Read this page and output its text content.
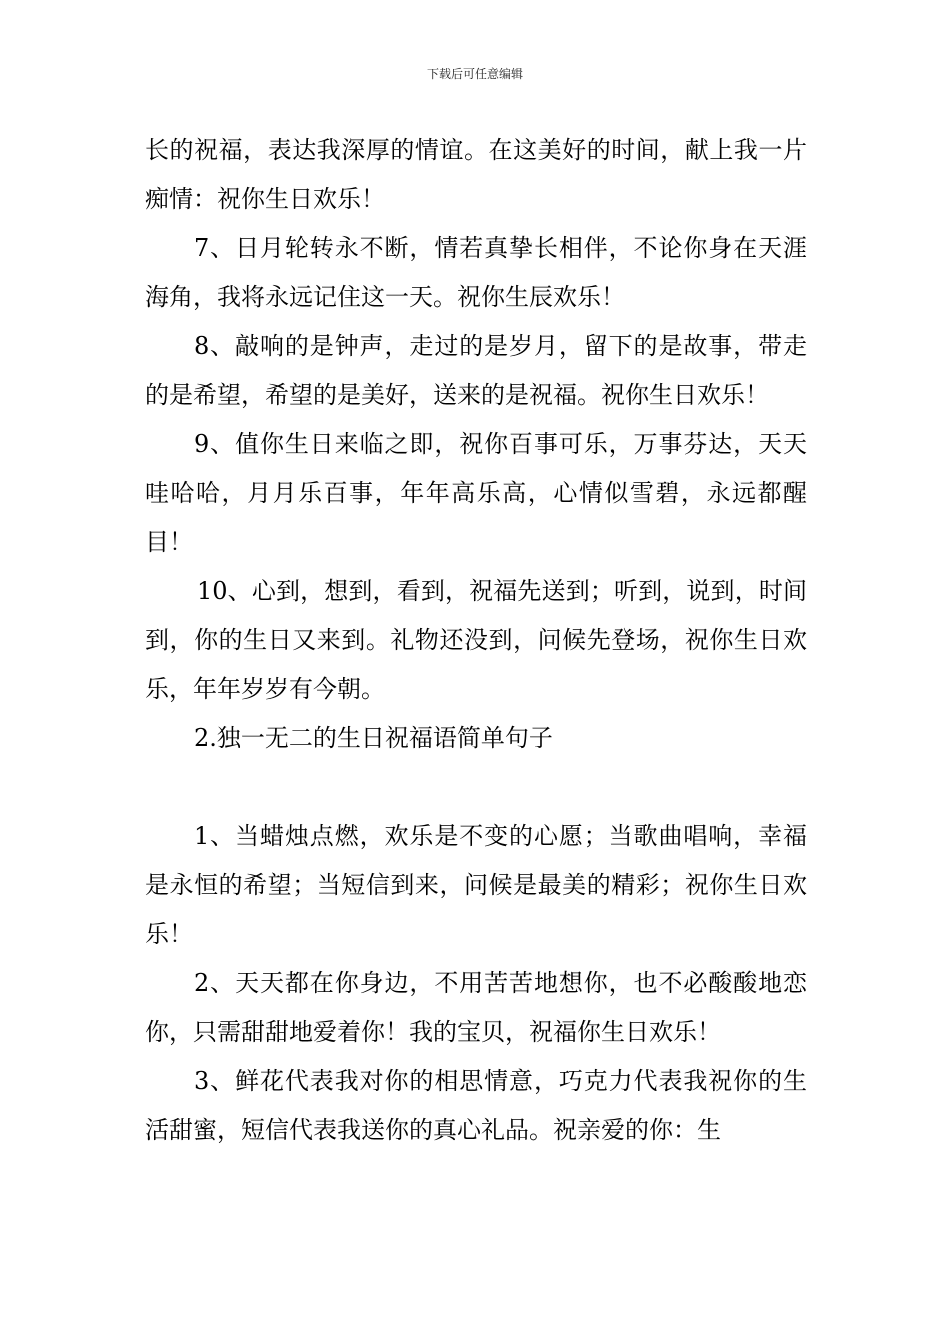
下载后可任意编辑

长的祝福，表达我深厚的情谊。在这美好的时间，献上我一片痴情：祝你生日欢乐！

7、日月轮转永不断，情若真挚长相伴，不论你身在天涯海角，我将永远记住这一天。祝你生辰欢乐！

8、敲响的是钟声，走过的是岁月，留下的是故事，带走的是希望，希望的是美好，送来的是祝福。祝你生日欢乐！

9、值你生日来临之即，祝你百事可乐，万事芬达，天天哇哈哈，月月乐百事，年年高乐高，心情似雪碧，永远都醒目！

10、心到，想到，看到，祝福先送到；听到，说到，时间到，你的生日又来到。礼物还没到，问候先登场，祝你生日欢乐，年年岁岁有今朝。

2.独一无二的生日祝福语简单句子

1、当蜡烛点燃，欢乐是不变的心愿；当歌曲唱响，幸福是永恒的希望；当短信到来，问候是最美的精彩；祝你生日欢乐！

2、天天都在你身边，不用苦苦地想你，也不必酸酸地恋你，只需甜甜地爱着你！我的宝贝，祝福你生日欢乐！

3、鲜花代表我对你的相思情意，巧克力代表我祝你的生活甜蜜，短信代表我送你的真心礼品。祝亲爱的你：生
